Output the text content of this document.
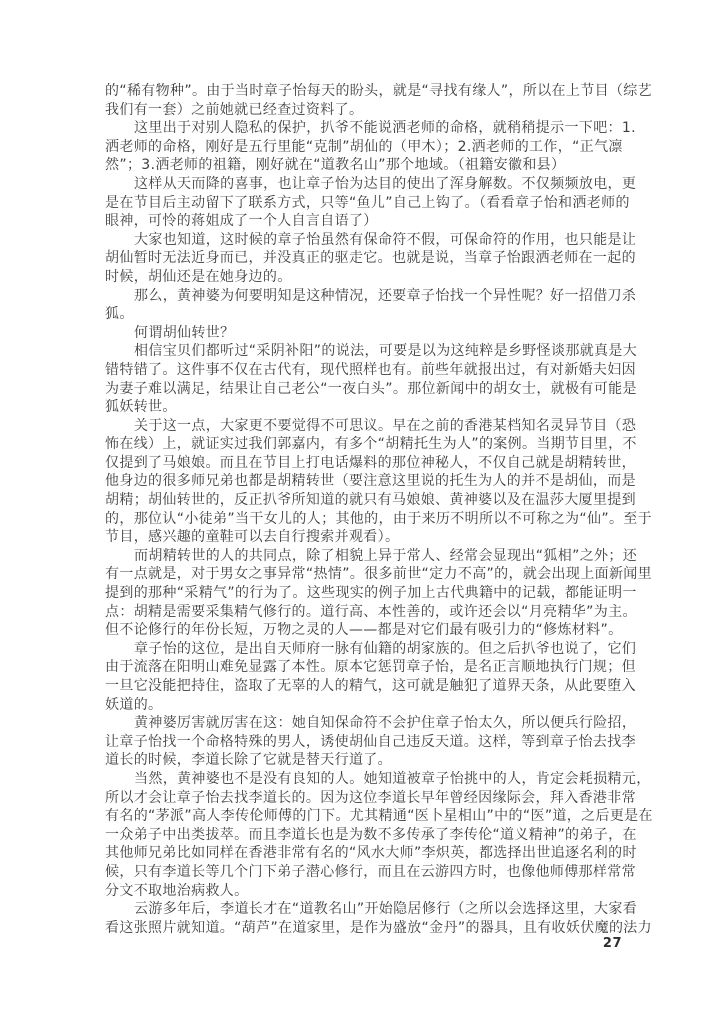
的“稀有物种”。由于当时章子怡每天的盼头，就是“寻找有缘人”，所以在上节目（综艺
我们有一套）之前她就已经查过资料了。
这里出于对别人隐私的保护，扒爷不能说洒老师的命格，就稍稍提示一下吧：1.
洒老师的命格，刚好是五行里能“克制”胡仙的（甲木）；2.洒老师的工作，“正气凛
然”；3.洒老师的祖籍，刚好就在“道教名山”那个地域。（祖籍安徽和县）
这样从天而降的喜事，也让章子怡为达目的使出了浑身解数。不仅频频放电，更
是在节目后主动留下了联系方式，只等“鱼儿”自己上钩了。（看看章子怡和洒老师的
眼神，可怜的蒋姐成了一个人自言自语了）
大家也知道，这时候的章子怡虽然有保命符不假，可保命符的作用，也只能是让
胡仙暂时无法近身而已，并没真正的驱走它。也就是说，当章子怡跟洒老师在一起的
时候，胡仙还是在她身边的。
那么，黄神婆为何要明知是这种情况，还要章子怡找一个异性呢？好一招借刀杀
狐。
何谓胡仙转世？
相信宝贝们都听过“采阴补阳”的说法，可要是以为这纯粹是乡野怪谈那就真是大
错特错了。这件事不仅在古代有，现代照样也有。前些年就报出过，有对新婚夫妇因
为妻子难以满足，结果让自己老公“一夜白头”。那位新闻中的胡女士，就极有可能是
狐妖转世。
关于这一点，大家更不要觉得不可思议。早在之前的香港某档知名灵异节目（恐
怖在线）上，就证实过我们郭嘉内，有多个“胡精托生为人”的案例。当期节目里，不
仅提到了马娘娘。而且在节目上打电话爆料的那位神秘人，不仅自己就是胡精转世，
他身边的很多师兄弟也都是胡精转世（要注意这里说的托生为人的并不是胡仙，而是
胡精；胡仙转世的，反正扒爷所知道的就只有马娘娘、黄神婆以及在温莎大厦里提到
的，那位认“小徒弟”当干女儿的人；其他的，由于来历不明所以不可称之为“仙”。至于
节目，感兴趣的童鞋可以去自行搜索并观看）。
而胡精转世的人的共同点，除了相貌上异于常人、经常会显现出“狐相”之外；还
有一点就是，对于男女之事异常“热情”。很多前世“定力不高”的，就会出现上面新闻里
提到的那种“采精气”的行为了。这些现实的例子加上古代典籍中的记载，都能证明一
点：胡精是需要采集精气修行的。道行高、本性善的，或许还会以“月亮精华”为主。
但不论修行的年份长短，万物之灵的人——都是对它们最有吸引力的“修炼材料”。
章子怡的这位，是出自天师府一脉有仙籍的胡家族的。但之后扒爷也说了，它们
由于流落在阳明山难免显露了本性。原本它惩罚章子怡，是名正言顺地执行门规；但
一旦它没能把持住，盗取了无辜的人的精气，这可就是触犯了道界天条，从此要堕入
妖道的。
黄神婆厉害就厉害在这：她自知保命符不会护住章子怡太久，所以便兵行险招，
让章子怡找一个命格特殊的男人，诱使胡仙自己违反天道。这样，等到章子怡去找李
道长的时候，李道长除了它就是替天行道了。
当然，黄神婆也不是没有良知的人。她知道被章子怡挑中的人，肯定会耗损精元，
所以才会让章子怡去找李道长的。因为这位李道长早年曾经因缘际会，拜入香港非常
有名的“茅派”高人李传伦师傅的门下。尤其精通“医卜星相山”中的“医”道，之后更是在
一众弟子中出类拔萃。而且李道长也是为数不多传承了李传伦“道义精神”的弟子，在
其他师兄弟比如同样在香港非常有名的“风水大师”李炽英，都选择出世追逐名利的时
候，只有李道长等几个门下弟子潜心修行，而且在云游四方时，也像他师傅那样常常
分文不取地治病救人。
云游多年后，李道长才在“道教名山”开始隐居修行（之所以会选择这里，大家看
看这张照片就知道。“葫芦”在道家里，是作为盛放“金丹”的器具，且有收妖伏魔的法力
27
